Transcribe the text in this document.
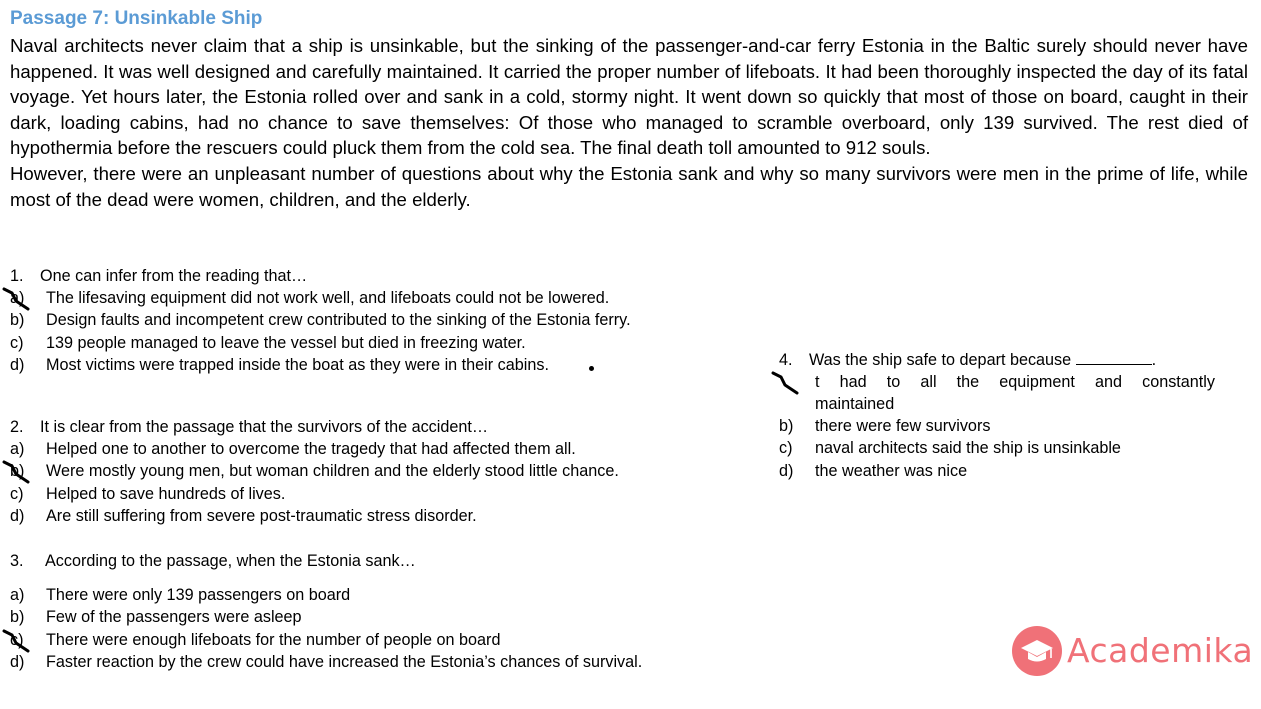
Passage 7: Unsinkable Ship

Naval architects never claim that a ship is unsinkable, but the sinking of the passenger-and-car ferry Estonia in the Baltic surely should never have happened. It was well designed and carefully maintained. It carried the proper number of lifeboats. It had been thoroughly inspected the day of its fatal voyage. Yet hours later, the Estonia rolled over and sank in a cold, stormy night. It went down so quickly that most of those on board, caught in their dark, loading cabins, had no chance to save themselves: Of those who managed to scramble overboard, only 139 survived. The rest died of hypothermia before the rescuers could pluck them from the cold sea. The final death toll amounted to 912 souls.

However, there were an unpleasant number of questions about why the Estonia sank and why so many survivors were men in the prime of life, while most of the dead were women, children, and the elderly.

1. One can infer from the reading that…
a) The lifesaving equipment did not work well, and lifeboats could not be lowered.
b) Design faults and incompetent crew contributed to the sinking of the Estonia ferry.
c) 139 people managed to leave the vessel but died in freezing water.
d) Most victims were trapped inside the boat as they were in their cabins.
2. It is clear from the passage that the survivors of the accident…
a) Helped one to another to overcome the tragedy that had affected them all.
b) Were mostly young men, but woman children and the elderly stood little chance.
c) Helped to save hundreds of lives.
d) Are still suffering from severe post-traumatic stress disorder.
3. According to the passage, when the Estonia sank…
a) There were only 139 passengers on board
b) Few of the passengers were asleep
c) There were enough lifeboats for the number of people on board
d) Faster reaction by the crew could have increased the Estonia’s chances of survival.
4. Was the ship safe to depart because	.
t had to all the equipment and constantly
maintained
b) there were few survivors
c) naval architects said the ship is unsinkable
d) the weather was nice
Academika
